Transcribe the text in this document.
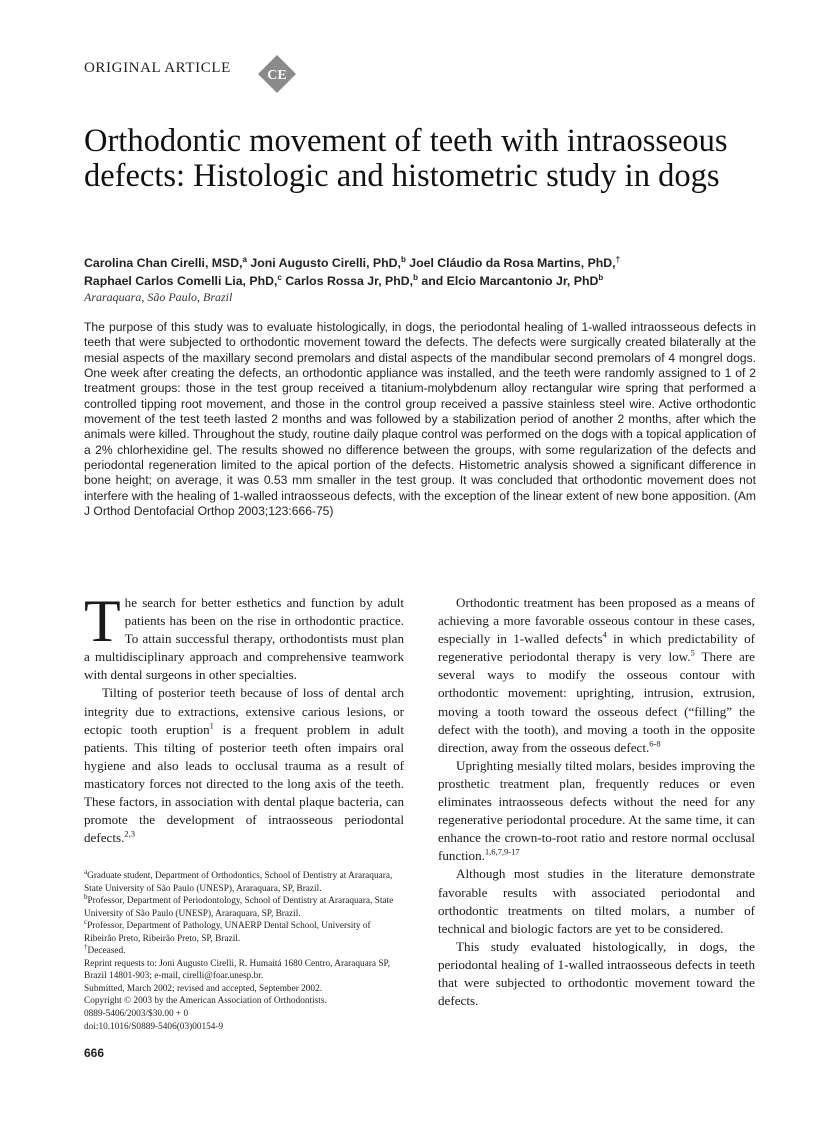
ORIGINAL ARTICLE	CE
Orthodontic movement of teeth with intraosseous defects: Histologic and histometric study in dogs
Carolina Chan Cirelli, MSD,$^a$ Joni Augusto Cirelli, PhD,$^b$ Joel Cláudio da Rosa Martins, PhD,†
Raphael Carlos Comelli Lia, PhD,$^c$ Carlos Rossa Jr, PhD,$^b$ and Elcio Marcantonio Jr, PhD$^b$
Araraquara, São Paulo, Brazil

The purpose of this study was to evaluate histologically, in dogs, the periodontal healing of 1-walled intraosseous defects in teeth that were subjected to orthodontic movement toward the defects. The defects were surgically created bilaterally at the mesial aspects of the maxillary second premolars and distal aspects of the mandibular second premolars of 4 mongrel dogs. One week after creating the defects, an orthodontic appliance was installed, and the teeth were randomly assigned to 1 of 2 treatment groups: those in the test group received a titanium-molybdenum alloy rectangular wire spring that performed a controlled tipping root movement, and those in the control group received a passive stainless steel wire. Active orthodontic movement of the test teeth lasted 2 months and was followed by a stabilization period of another 2 months, after which the animals were killed. Throughout the study, routine daily plaque control was performed on the dogs with a topical application of a 2% chlorhexidine gel. The results showed no difference between the groups, with some regularization of the defects and periodontal regeneration limited to the apical portion of the defects. Histometric analysis showed a significant difference in bone height; on average, it was 0.53 mm smaller in the test group. It was concluded that orthodontic movement does not interfere with the healing of 1-walled intraosseous defects, with the exception of the linear extent of new bone apposition. (Am J Orthod Dentofacial Orthop 2003;123:666-75)

The search for better esthetics and function by adult patients has been on the rise in orthodontic practice. To attain successful therapy, orthodontists must plan a multidisciplinary approach and comprehensive teamwork with dental surgeons in other specialties.

Tilting of posterior teeth because of loss of dental arch integrity due to extractions, extensive carious lesions, or ectopic tooth eruption$^1$ is a frequent problem in adult patients. This tilting of posterior teeth often impairs oral hygiene and also leads to occlusal trauma as a result of masticatory forces not directed to the long axis of the teeth. These factors, in association with dental plaque bacteria, can promote the development of intraosseous periodontal defects.$^{2,3}$

Orthodontic treatment has been proposed as a means of achieving a more favorable osseous contour in these cases, especially in 1-walled defects$^4$ in which predictability of regenerative periodontal therapy is very low.$^5$ There are several ways to modify the osseous contour with orthodontic movement: uprighting, intrusion, extrusion, moving a tooth toward the osseous defect (“filling” the defect with the tooth), and moving a tooth in the opposite direction, away from the osseous defect.$^{6-8}$

Uprighting mesially tilted molars, besides improving the prosthetic treatment plan, frequently reduces or even eliminates intraosseous defects without the need for any regenerative periodontal procedure. At the same time, it can enhance the crown-to-root ratio and restore normal occlusal function.$^{1,6,7,9-17}$

Although most studies in the literature demonstrate favorable results with associated periodontal and orthodontic treatments on tilted molars, a number of technical and biologic factors are yet to be considered.

This study evaluated histologically, in dogs, the periodontal healing of 1-walled intraosseous defects in teeth that were subjected to orthodontic movement toward the defects.

$^a$Graduate student, Department of Orthodontics, School of Dentistry at Araraquara, State University of São Paulo (UNESP), Araraquara, SP, Brazil.
$^b$Professor, Department of Periodontology, School of Dentistry at Araraquara, State University of São Paulo (UNESP), Araraquara, SP, Brazil.
$^c$Professor, Department of Pathology, UNAERP Dental School, University of Ribeirão Preto, Ribeirão Preto, SP, Brazil.
†Deceased.
Reprint requests to: Joni Augusto Cirelli, R. Humaitá 1680 Centro, Araraquara SP, Brazil 14801-903; e-mail, cirelli@foar.unesp.br.
Submitted, March 2002; revised and accepted, September 2002.
Copyright © 2003 by the American Association of Orthodontists.
0889-5406/2003/$30.00 + 0
doi:10.1016/S0889-5406(03)00154-9
666
